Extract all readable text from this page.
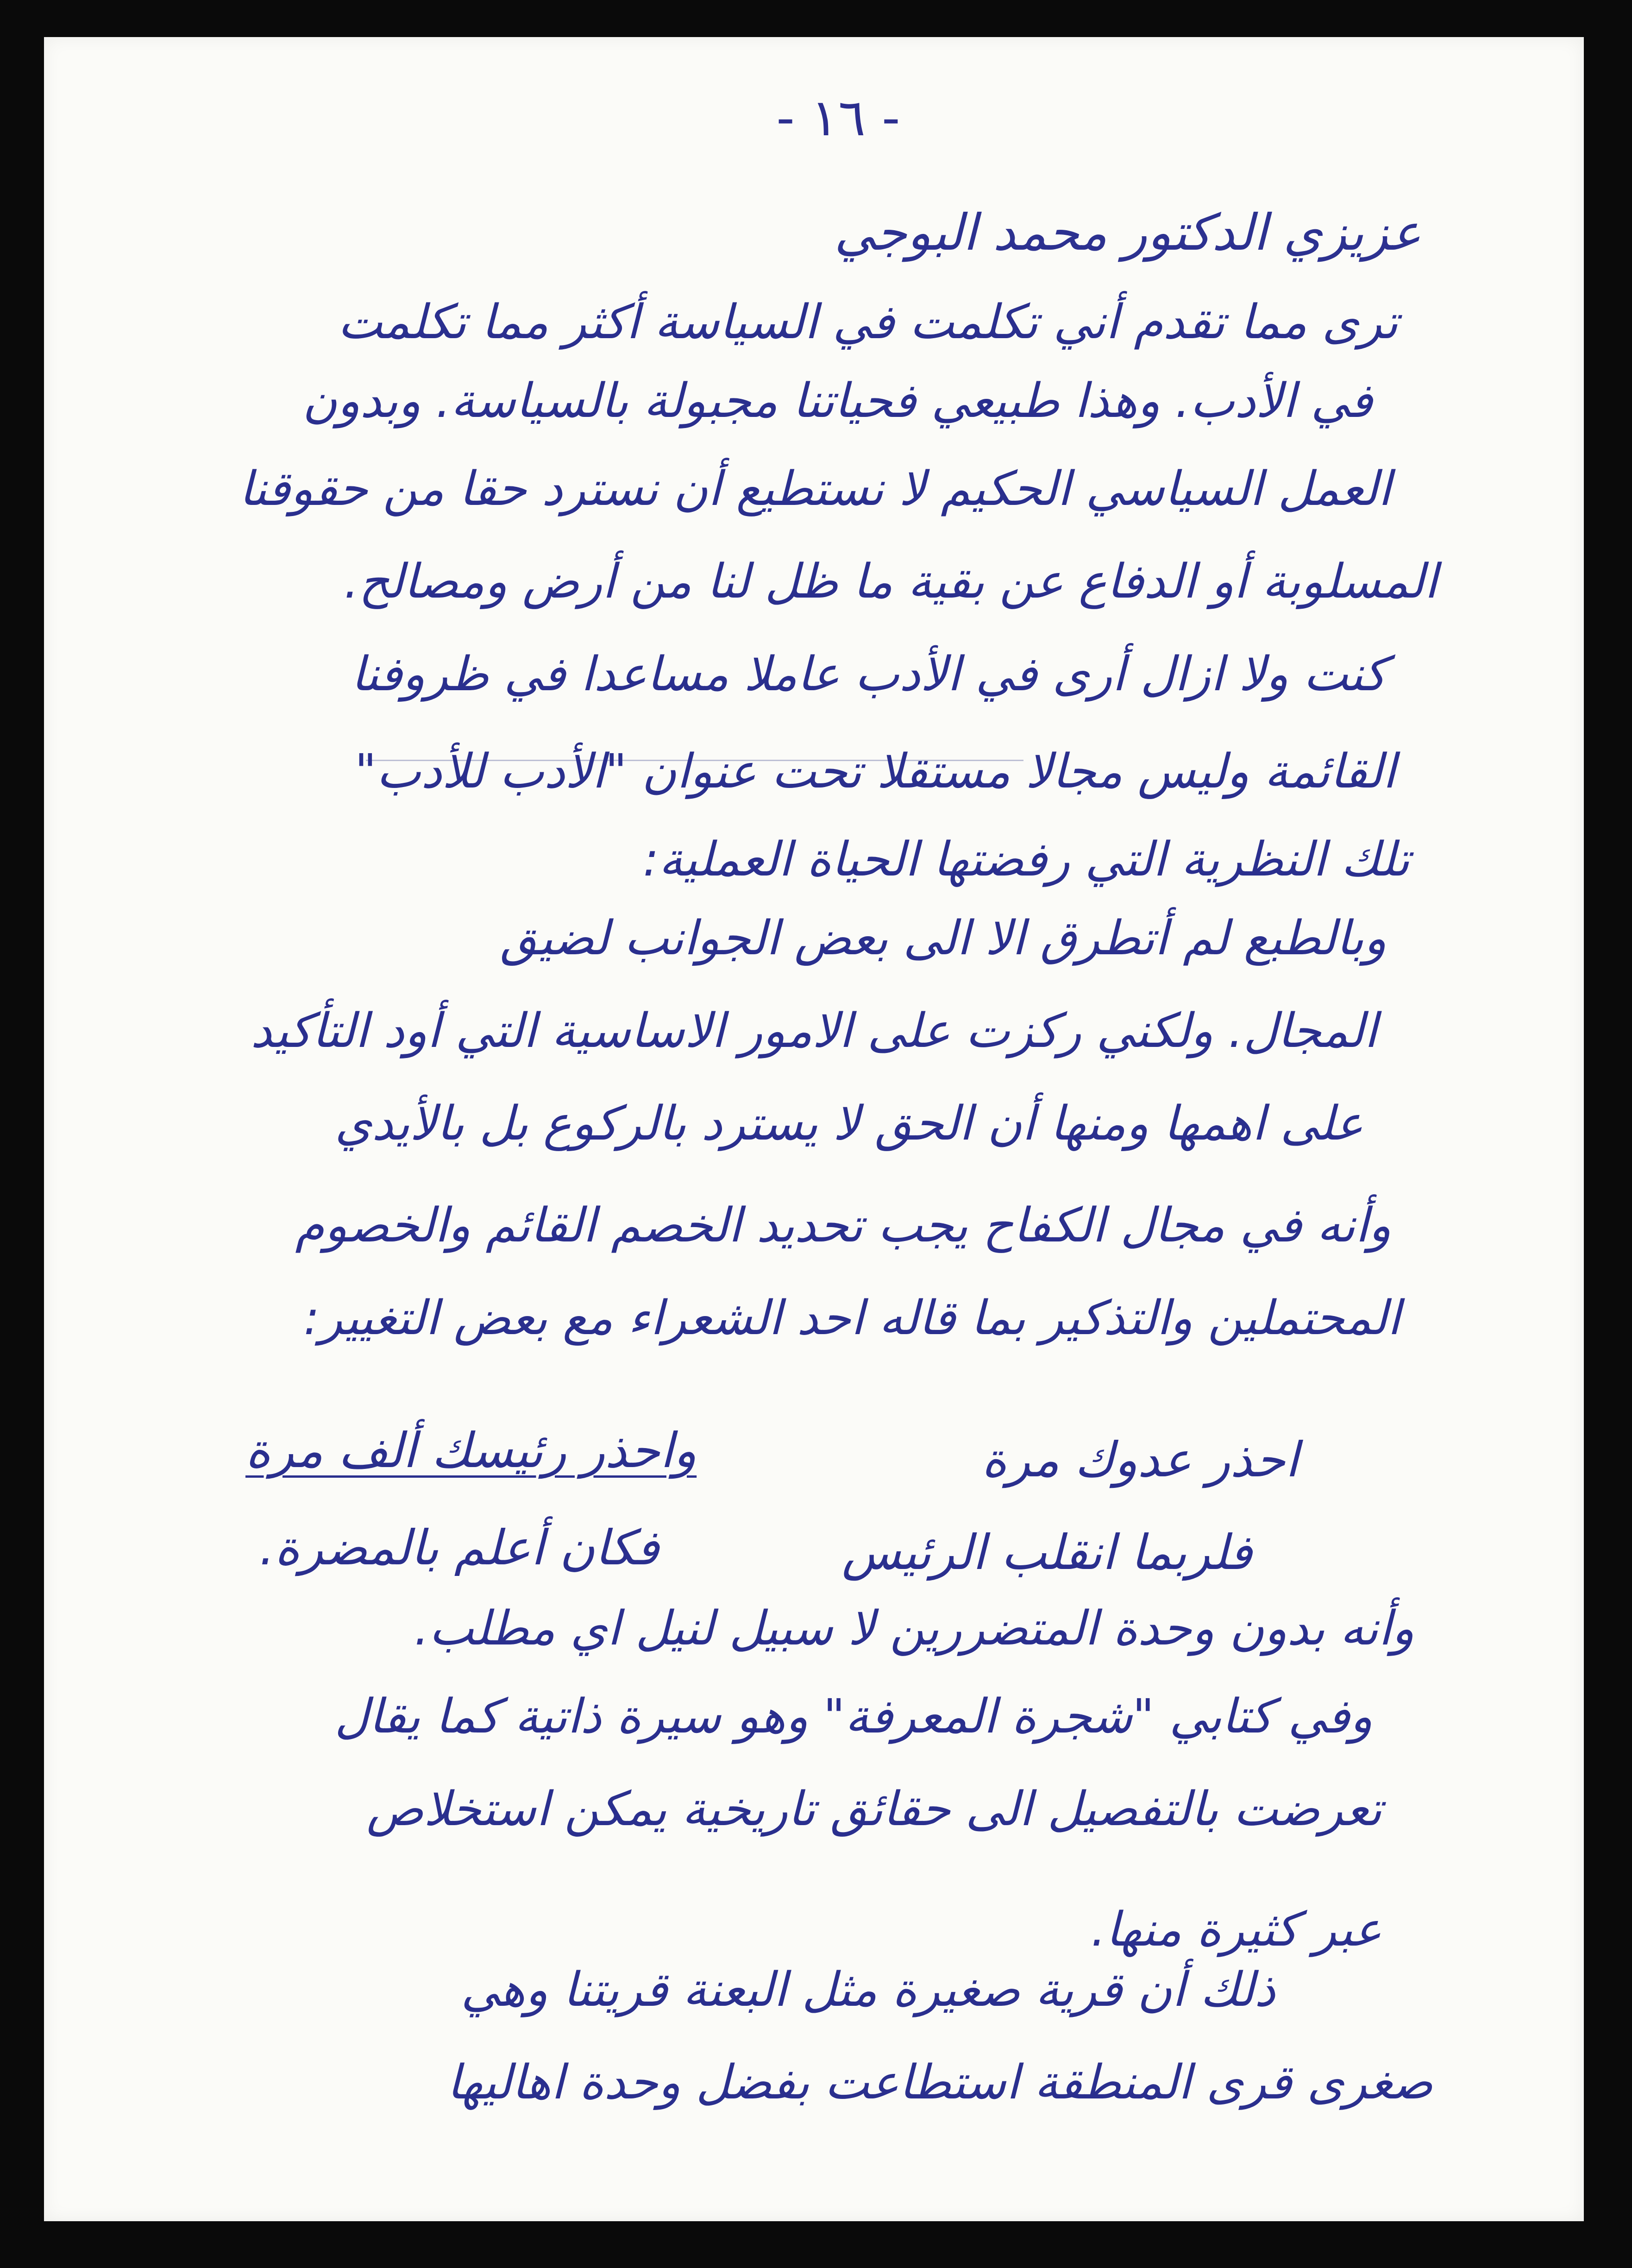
- ١٦ -
عزيزي الدكتور محمد البوجي
ترى مما تقدم أني تكلمت في السياسة أكثر مما تكلمت
في الأدب. وهذا طبيعي فحياتنا مجبولة بالسياسة. وبدون
العمل السياسي الحكيم لا نستطيع أن نسترد حقا من حقوقنا
المسلوبة أو الدفاع عن بقية ما ظل لنا من أرض ومصالح.
كنت ولا ازال أرى في الأدب عاملا مساعدا في ظروفنا
القائمة وليس مجالا مستقلا تحت عنوان "الأدب للأدب"
تلك النظرية التي رفضتها الحياة العملية:
وبالطبع لم أتطرق الا الى بعض الجوانب لضيق
المجال. ولكني ركزت على الامور الاساسية التي أود التأكيد
على اهمها ومنها أن الحق لا يسترد بالركوع بل بالأيدي
وأنه في مجال الكفاح يجب تحديد الخصم القائم والخصوم
المحتملين والتذكير بما قاله احد الشعراء مع بعض التغيير:
احذر عدوك مرة
واحذر رئيسك ألف مرة
فلربما انقلب الرئيس
فكان أعلم بالمضرة.
وأنه بدون وحدة المتضررين لا سبيل لنيل اي مطلب.
وفي كتابي "شجرة المعرفة" وهو سيرة ذاتية كما يقال
تعرضت بالتفصيل الى حقائق تاريخية يمكن استخلاص
عبر كثيرة منها.
ذلك أن قرية صغيرة مثل البعنة قريتنا وهي
صغرى قرى المنطقة استطاعت بفضل وحدة اهاليها
